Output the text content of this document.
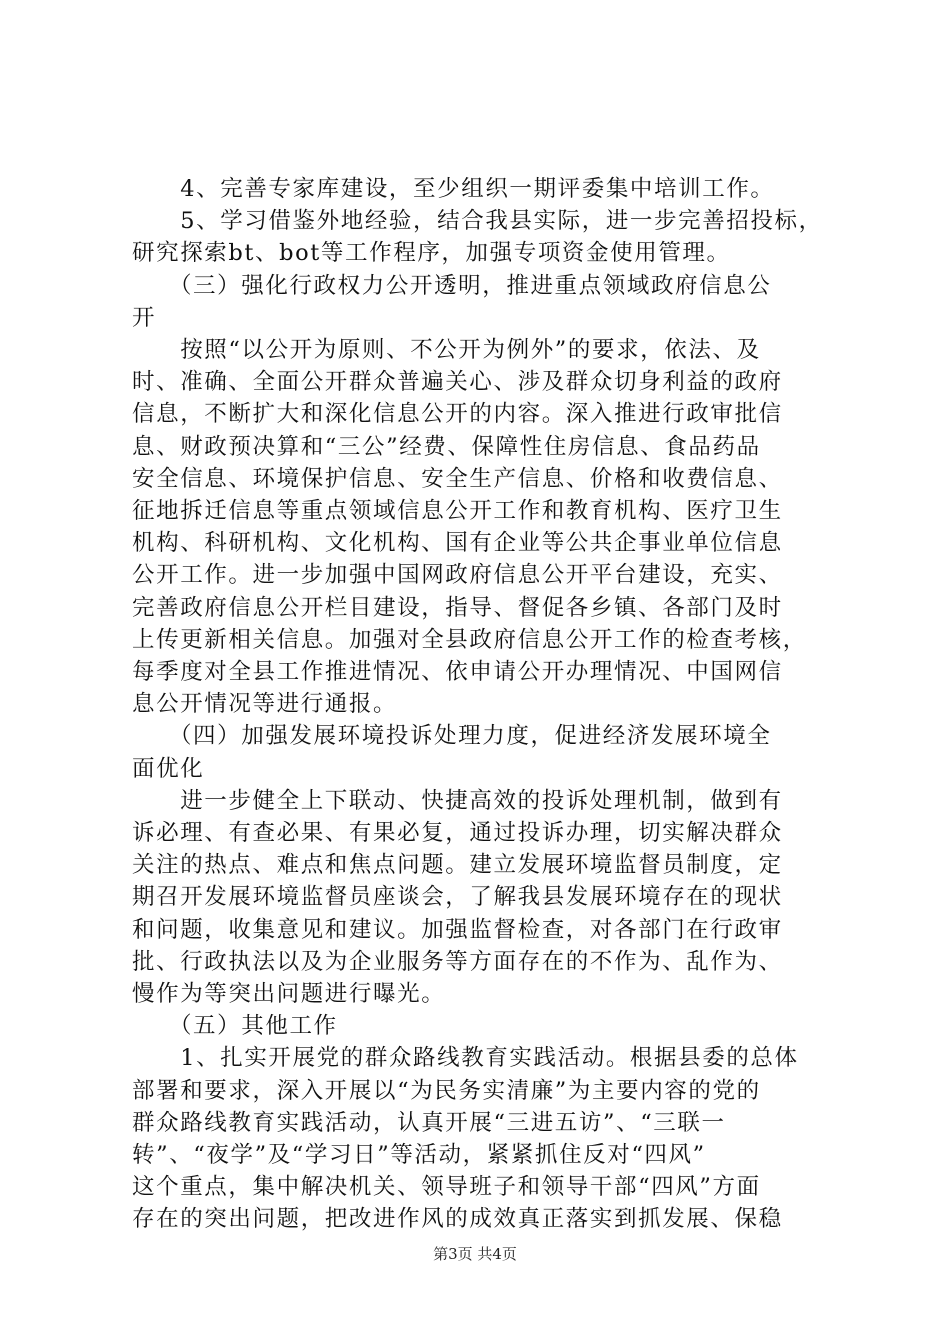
　　4、完善专家库建设，至少组织一期评委集中培训工作。
　　5、学习借鉴外地经验，结合我县实际，进一步完善招投标，
研究探索bt、bot等工作程序，加强专项资金使用管理。
　　（三）强化行政权力公开透明，推进重点领域政府信息公
开
　　按照“以公开为原则、不公开为例外”的要求，依法、及
时、准确、全面公开群众普遍关心、涉及群众切身利益的政府
信息，不断扩大和深化信息公开的内容。深入推进行政审批信
息、财政预决算和“三公”经费、保障性住房信息、食品药品
安全信息、环境保护信息、安全生产信息、价格和收费信息、
征地拆迁信息等重点领域信息公开工作和教育机构、医疗卫生
机构、科研机构、文化机构、国有企业等公共企事业单位信息
公开工作。进一步加强中国网政府信息公开平台建设，充实、
完善政府信息公开栏目建设，指导、督促各乡镇、各部门及时
上传更新相关信息。加强对全县政府信息公开工作的检查考核，
每季度对全县工作推进情况、依申请公开办理情况、中国网信
息公开情况等进行通报。
　　（四）加强发展环境投诉处理力度，促进经济发展环境全
面优化
　　进一步健全上下联动、快捷高效的投诉处理机制，做到有
诉必理、有查必果、有果必复，通过投诉办理，切实解决群众
关注的热点、难点和焦点问题。建立发展环境监督员制度，定
期召开发展环境监督员座谈会，了解我县发展环境存在的现状
和问题，收集意见和建议。加强监督检查，对各部门在行政审
批、行政执法以及为企业服务等方面存在的不作为、乱作为、
慢作为等突出问题进行曝光。
　　（五）其他工作
　　1、扎实开展党的群众路线教育实践活动。根据县委的总体
部署和要求，深入开展以“为民务实清廉”为主要内容的党的
群众路线教育实践活动，认真开展“三进五访”、“三联一
转”、“夜学”及“学习日”等活动，紧紧抓住反对“四风”
这个重点，集中解决机关、领导班子和领导干部“四风”方面
存在的突出问题，把改进作风的成效真正落实到抓发展、保稳
第3页 共4页
